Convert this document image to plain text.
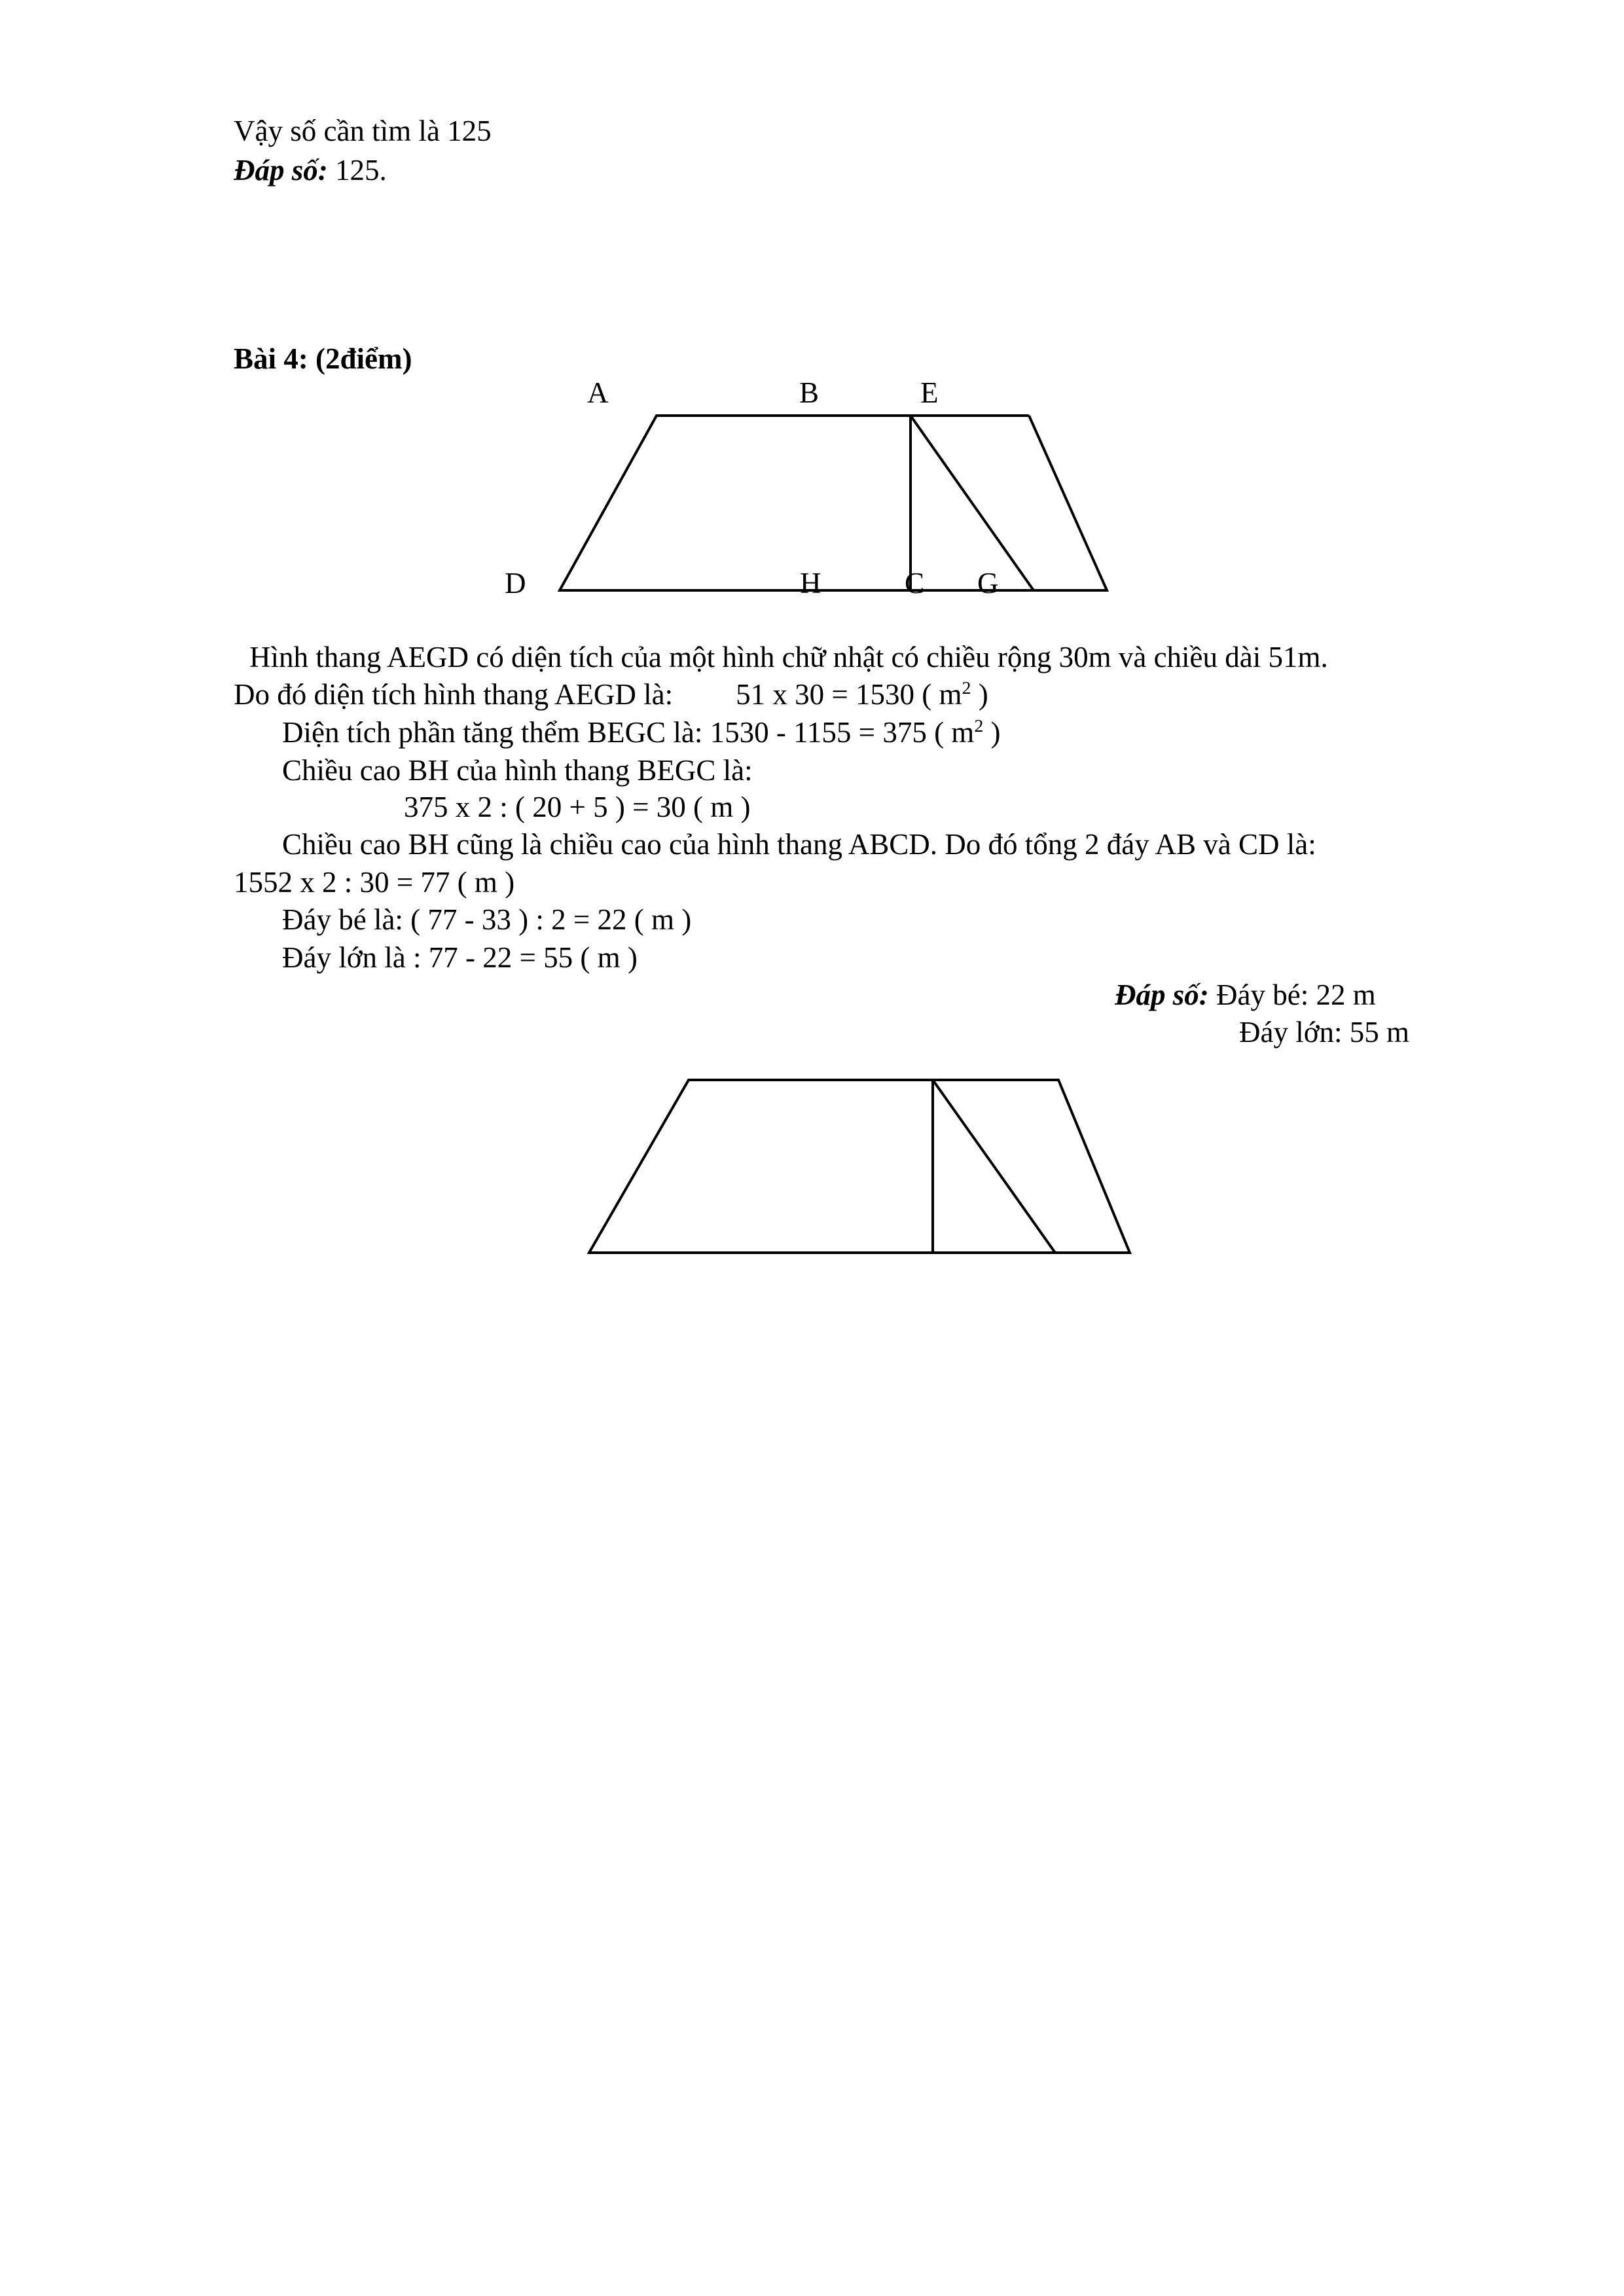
Vậy số cần tìm là 125
Đáp số: 125.
Bài 4: (2điểm)
A	B	E
D	H	C G
Hình thang AEGD có diện tích của một hình chữ nhật có chiều rộng 30m và chiều dài 51m.
Do đó diện tích hình thang AEGD là: 51 x 30 = 1530 ( $m^2$ )
Diện tích phần tăng thểm BEGC là: 1530 - 1155 = 375 ( $m^2$ )
Chiều cao BH của hình thang BEGC là:
375 x 2 : ( 20 + 5 ) = 30 ( m )
Chiều cao BH cũng là chiều cao của hình thang ABCD. Do đó tổng 2 đáy AB và CD là:
1552 x 2 : 30 = 77 ( m )
Đáy bé là: ( 77 - 33 ) : 2 = 22 ( m )
Đáy lớn là : 77 - 22 = 55 ( m )
Đáp số: Đáy bé: 22 m
Đáy lớn: 55 m
